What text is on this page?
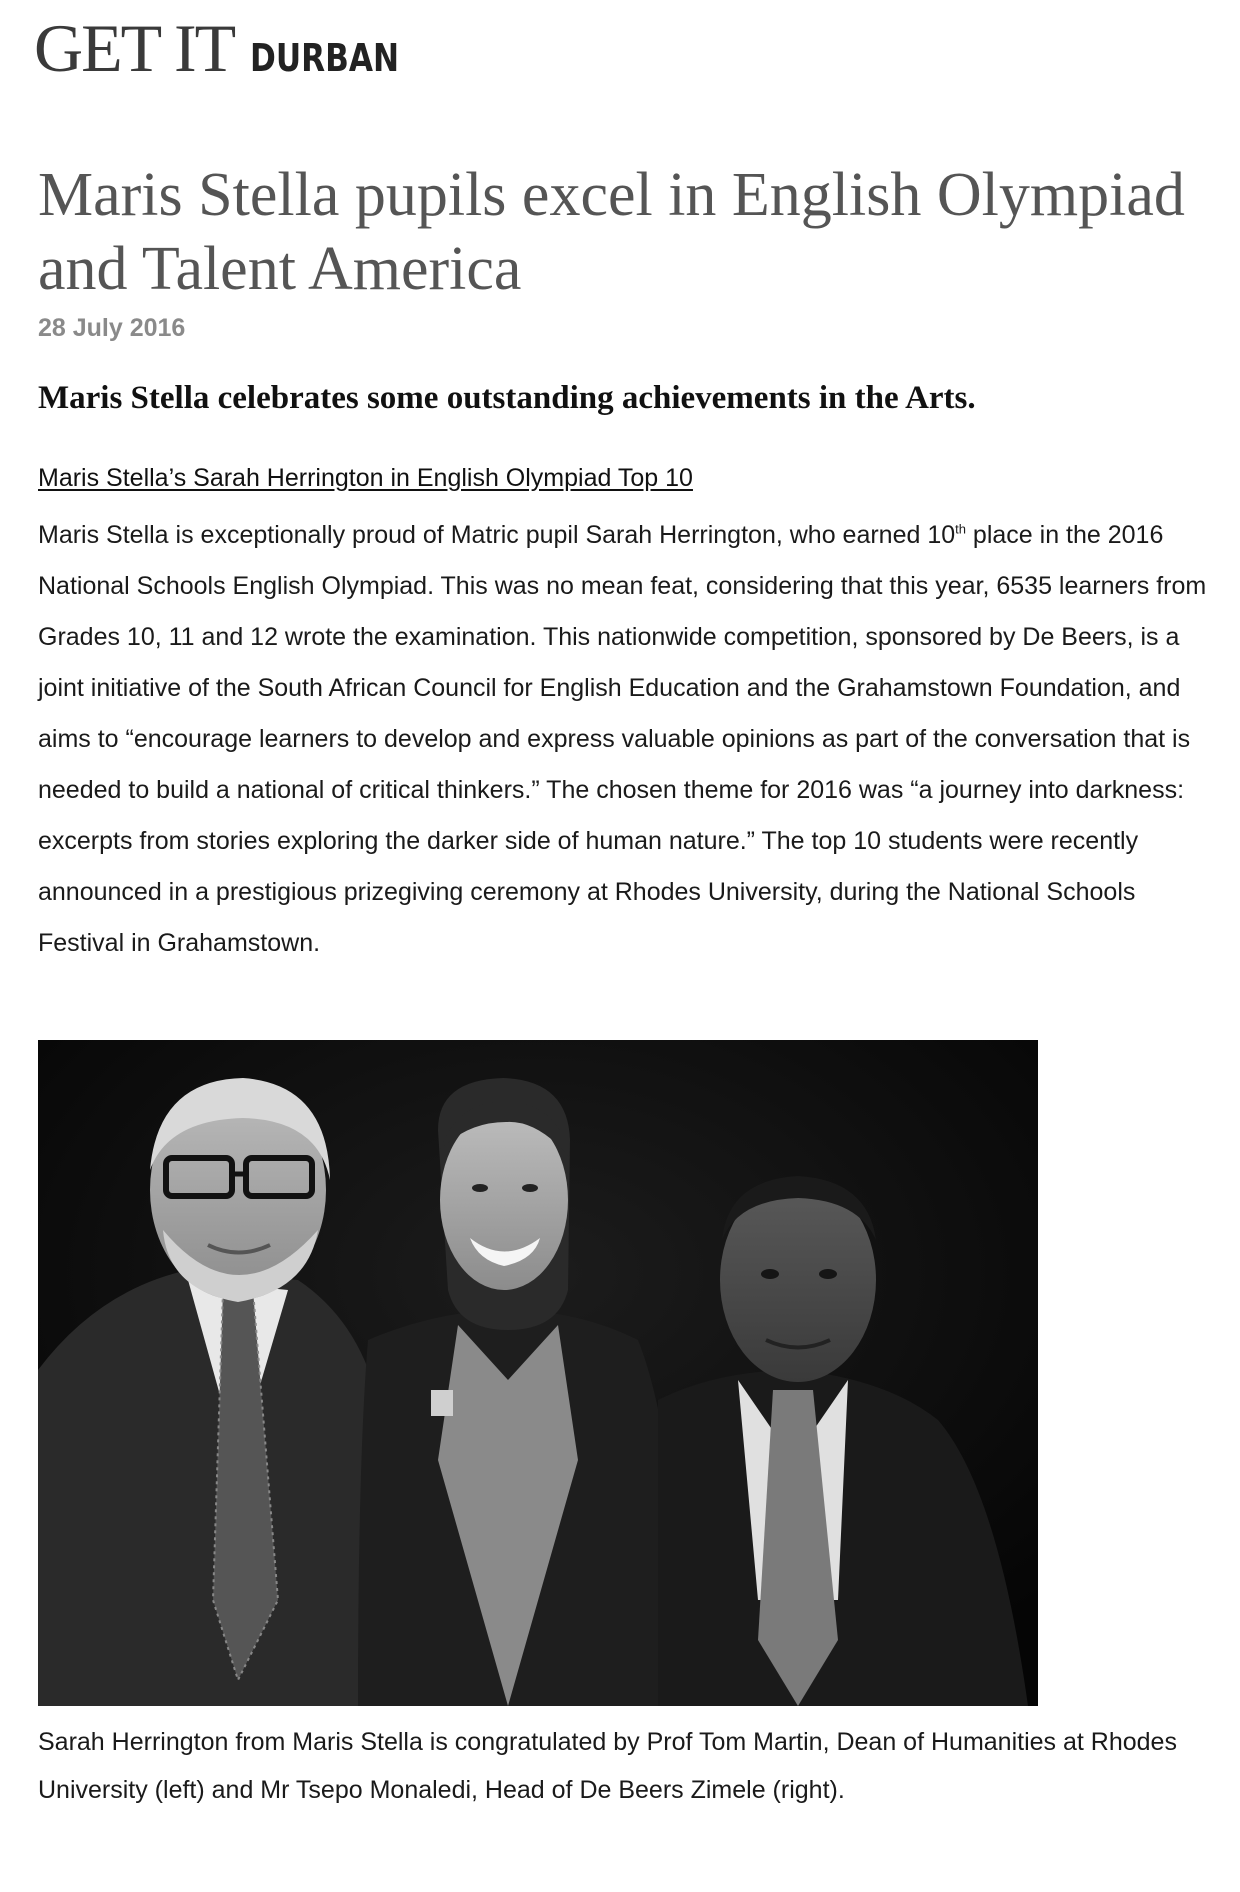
GET IT DURBAN
Maris Stella pupils excel in English Olympiad and Talent America
28 July 2016
Maris Stella celebrates some outstanding achievements in the Arts.
Maris Stella’s Sarah Herrington in English Olympiad Top 10

Maris Stella is exceptionally proud of Matric pupil Sarah Herrington, who earned 10th place in the 2016 National Schools English Olympiad. This was no mean feat, considering that this year, 6535 learners from Grades 10, 11 and 12 wrote the examination. This nationwide competition, sponsored by De Beers, is a joint initiative of the South African Council for English Education and the Grahamstown Foundation, and aims to “encourage learners to develop and express valuable opinions as part of the conversation that is needed to build a national of critical thinkers.” The chosen theme for 2016 was “a journey into darkness: excerpts from stories exploring the darker side of human nature.” The top 10 students were recently announced in a prestigious prizegiving ceremony at Rhodes University, during the National Schools Festival in Grahamstown.

Sarah Herrington from Maris Stella is congratulated by Prof Tom Martin, Dean of Humanities at Rhodes University (left) and Mr Tsepo Monaledi, Head of De Beers Zimele (right).
